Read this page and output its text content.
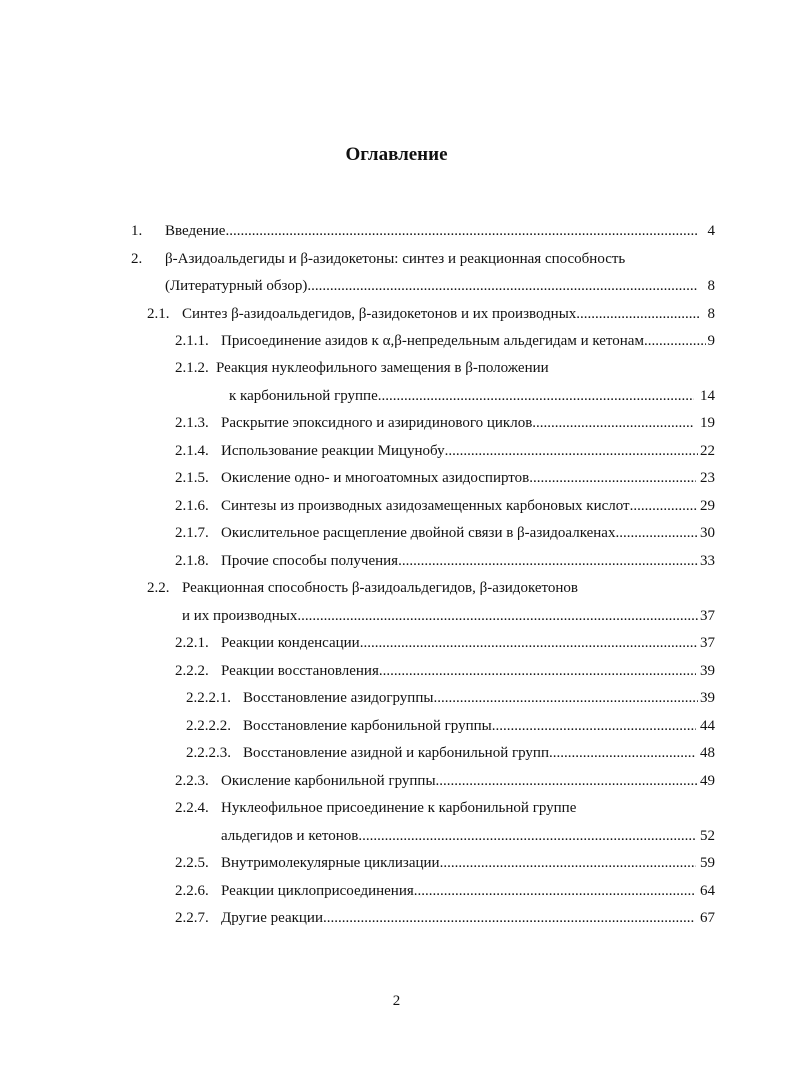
Оглавление
1.	Введение .....	4
2.	β-Азидоальдегиды и β-азидокетоны: синтез и реакционная способность
(Литературный обзор) .....	8
2.1. Синтез β-азидоальдегидов, β-азидокетонов и их производных .....	8
2.1.1. Присоединение азидов к α,β-непредельным альдегидам и кетонам .....	9
2.1.2. Реакция нуклеофильного замещения в β-положении
к карбонильной группе .....	14
2.1.3. Раскрытие эпоксидного и азиридинового циклов .....	19
2.1.4. Использование реакции Мицунобу .....	22
2.1.5. Окисление одно- и многоатомных азидоспиртов .....	23
2.1.6. Синтезы из производных азидозамещенных карбоновых кислот .....	29
2.1.7. Окислительное расщепление двойной связи в β-азидоалкенах .....	30
2.1.8. Прочие способы получения .....	33
2.2. Реакционная способность β-азидоальдегидов, β-азидокетонов
и их производных .....	37
2.2.1. Реакции конденсации .....	37
2.2.2. Реакции восстановления .....	39
2.2.2.1. Восстановление азидогруппы .....	39
2.2.2.2. Восстановление карбонильной группы .....	44
2.2.2.3. Восстановление азидной и карбонильной групп .....	48
2.2.3. Окисление карбонильной группы .....	49
2.2.4. Нуклеофильное присоединение к карбонильной группе
альдегидов и кетонов .....	52
2.2.5. Внутримолекулярные циклизации .....	59
2.2.6. Реакции циклоприсоединения .....	64
2.2.7. Другие реакции .....	67
2
